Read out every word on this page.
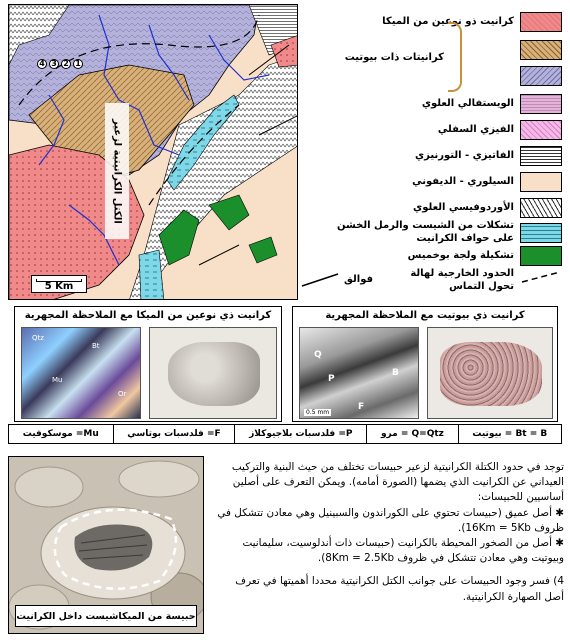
4 3 2 1
الكتل الكرانيتية لزعير
5 Km
كرانيت ذو نوعين من الميكا
كرانيتات ذات بيوتيت
الويستفالي العلوي
الفيزي السفلي
الفاتيزي - التورنيزي
السيلوري - الديفوني
الأوردوفيسي العلوي
تشكلات من الشيست والرمل الخشن على حواف الكرانيت
تشكيلة ولجة بوخميس
الحدود الخارجية لهالة تحول التماس
فوالق
كرانيت ذي نوعين من الميكا مع الملاحظة المجهرية
Qtz
Mu
Bt
Or
كرانيت ذي بيوتيت مع الملاحظة المجهرية
Q
P
B
F
0.5 mm
Bt = B = بيوتيت
Q=Qtz = مرو
P= فلدسبات بلاجيوكلاز
F= فلدسبات بوتاسي
Mu= موسكوفيت
حبيسة من الميكاشيست داخل الكرانيت

توجد في حدود الكتلة الكرانيتية لزعير حبيسات تختلف من حيث البنية والتركيب العيداني عن الكرانيت الذي يضمها (الصورة أمامه). ويمكن التعرف على أصلين أساسيين للحبيسات:

✱ أصل عميق (حبيسات تحتوي على الكوراندون والسبينيل وهي معادن تتشكل في ظروف 16Km = 5Kb).

✱ أصل من الصخور المحيطة بالكرانيت (حبيسات ذات أندلوسيت، سليمانيت وبيوتيت وهي معادن تتشكل في ظروف 8Km = 2.5Kb).

4) فسر وجود الحبيسات على جوانب الكتل الكرانيتية محددا أهميتها في تعرف أصل الصهارة الكرانيتية.
